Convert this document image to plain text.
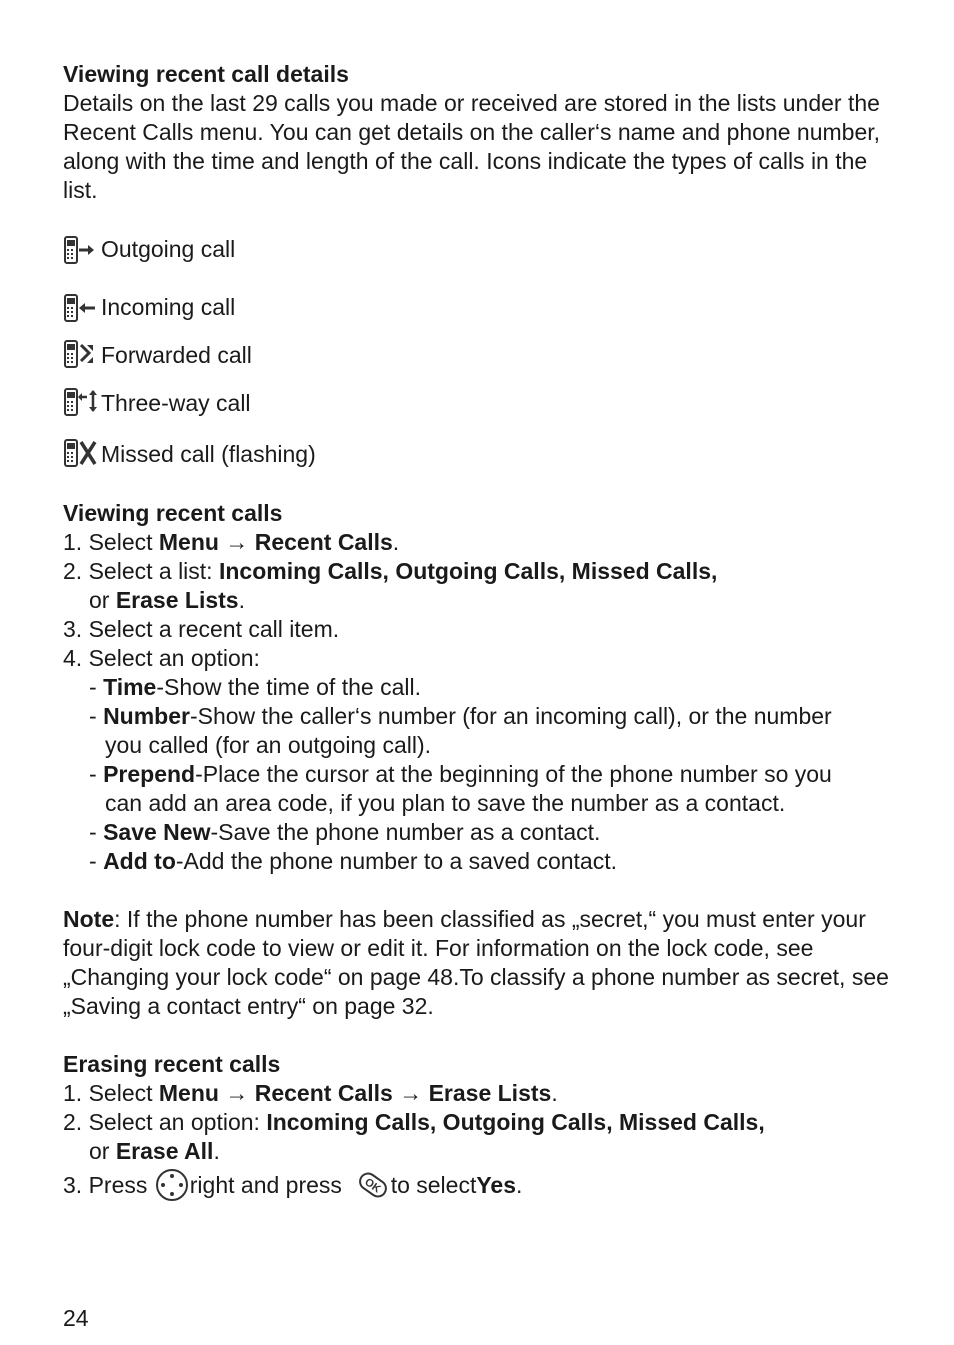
Viewing recent call details

Details on the last 29 calls you made or received are stored in the lists under the Recent Calls menu. You can get details on the caller‘s name and phone number, along with the time and length of the call. Icons indicate the types of calls in the list.

Outgoing call
Incoming call
Forwarded call
Three-way call
Missed call (flashing)
Viewing recent calls
1. Select Menu → Recent Calls.
2. Select a list: Incoming Calls, Outgoing Calls, Missed Calls,
or Erase Lists.
3. Select a recent call item.
4. Select an option:
- Time-Show the time of the call.
- Number-Show the caller‘s number (for an incoming call), or the number
you called (for an outgoing call).
- Prepend-Place the cursor at the beginning of the phone number so you
can add an area code, if you plan to save the number as a contact.
- Save New-Save the phone number as a contact.
- Add to-Add the phone number to a saved contact.

Note: If the phone number has been classified as „secret,“ you must enter your four-digit lock code to view or edit it. For information on the lock code, see „Changing your lock code“ on page 48.To classify a phone number as secret, see „Saving a contact entry“ on page 32.

Erasing recent calls
1. Select Menu → Recent Calls → Erase Lists.
2. Select an option: Incoming Calls, Outgoing Calls, Missed Calls,
or Erase All.
3. Press
right and press
OK to select Yes .
24
